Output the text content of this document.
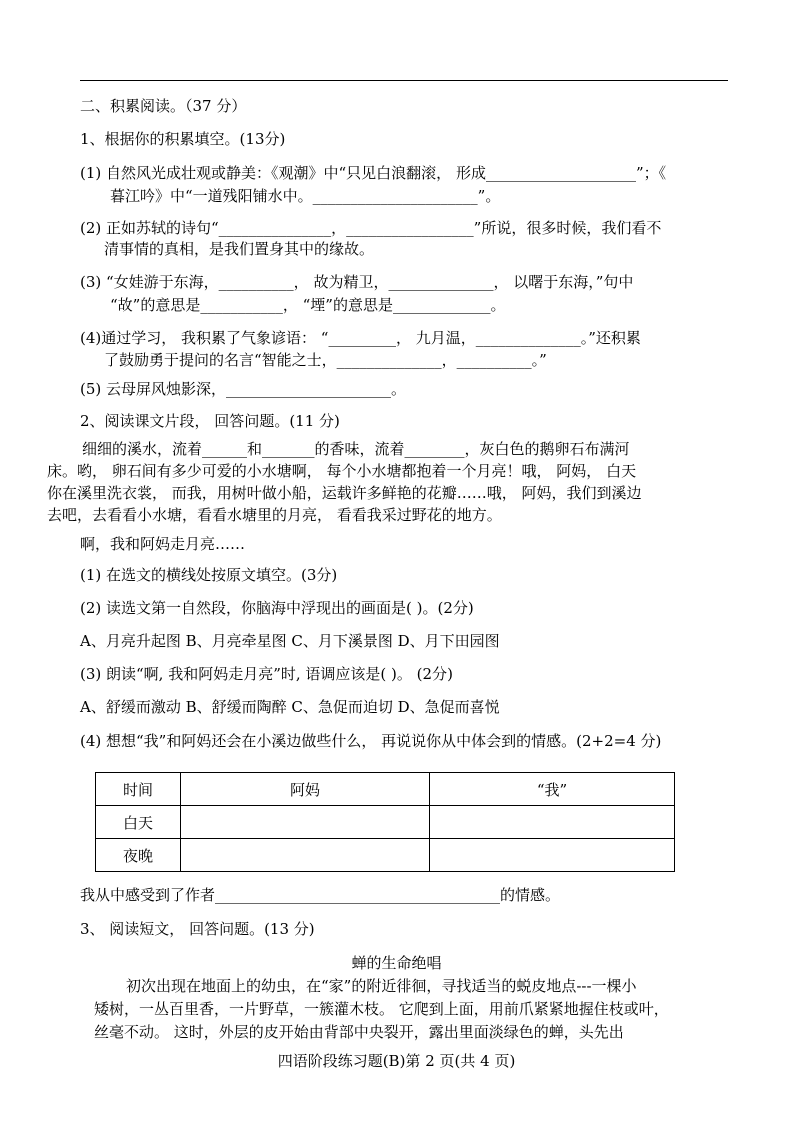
二、积累阅读。（37 分）
1、根据你的积累填空。(13分)
(1) 自然风光成壮观或静美：《观潮》中“只见白浪翻滚， 形成____________________”；《
暮江吟》中“一道残阳铺水中。______________________”。
(2) 正如苏轼的诗句“_______________，_________________”所说，很多时候，我们看不
清事情的真相，是我们置身其中的缘故。
(3) “女娃游于东海，__________， 故为精卫，______________， 以曙于东海，”句中
“故”的意思是___________， “堙”的意思是_____________。
(4)通过学习， 我积累了气象谚语： “_________， 九月温，______________。”还积累
了鼓励勇于提问的名言“智能之士，______________，__________。”
(5) 云母屏风烛影深，______________________。
2、阅读课文片段， 回答问题。(11 分)
细细的溪水，流着______和_______的香味，流着________，灰白色的鹅卵石布满河
床。哟， 卵石间有多少可爱的小水塘啊， 每个小水塘都抱着一个月亮！哦， 阿妈， 白天
你在溪里洗衣裳， 而我，用树叶做小船，运载许多鲜艳的花瓣……哦， 阿妈，我们到溪边
去吧，去看看小水塘，看看水塘里的月亮， 看看我采过野花的地方。
啊，我和阿妈走月亮……
(1) 在选文的横线处按原文填空。(3分)
(2) 读选文第一自然段，你脑海中浮现出的画面是( )。(2分)
A、月亮升起图 B、月亮牵星图 C、月下溪景图 D、月下田园图
(3) 朗读“啊, 我和阿妈走月亮”时, 语调应该是( )。 (2分)
A、舒缓而激动 B、舒缓而陶醉 C、急促而迫切 D、急促而喜悦
(4) 想想“我”和阿妈还会在小溪边做些什么， 再说说你从中体会到的情感。(2+2=4 分)
时间	阿妈	“我”
白天		
夜晚		
我从中感受到了作者______________________________________的情感。
3、 阅读短文， 回答问题。(13 分)
蝉的生命绝唱
初次出现在地面上的幼虫，在“家”的附近徘徊，寻找适当的蜕皮地点---一棵小
矮树，一丛百里香，一片野草，一簇灌木枝。 它爬到上面，用前爪紧紧地握住枝或叶，
丝毫不动。 这时，外层的皮开始由背部中央裂开，露出里面淡绿色的蝉，头先出
四语阶段练习题(B)第 2 页(共 4 页)
